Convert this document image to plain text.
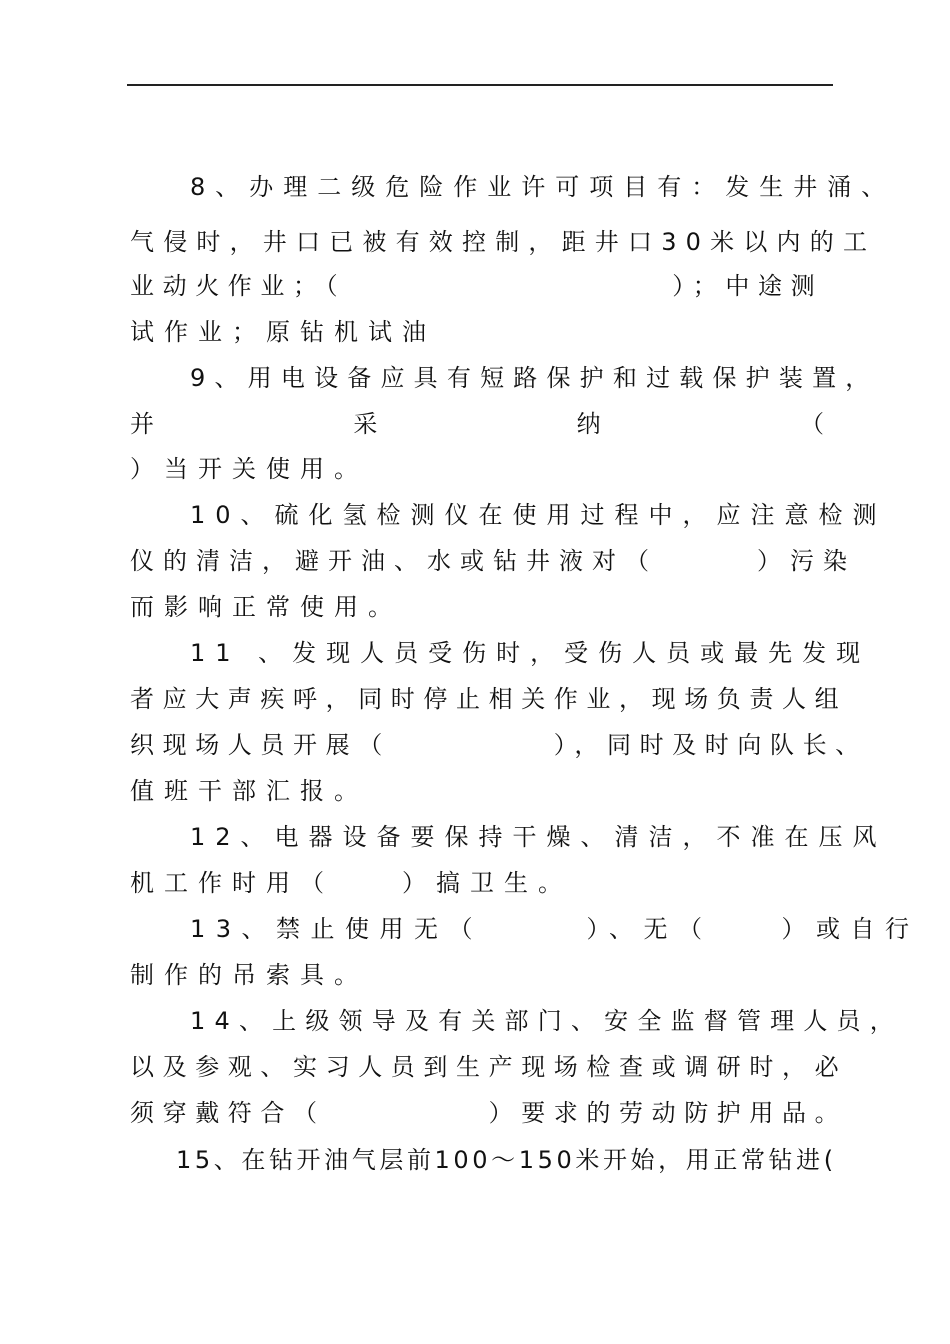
8、办理二级危险作业许可项目有：发生井涌、

气侵时，井口已被有效控制，距井口30米以内的工

业动火作业；（　　　　　　　　　　）；中途测

试作业；原钻机试油

9、用电设备应具有短路保护和过载保护装置，

并	采	纳	（

）当开关使用。

10、硫化氢检测仪在使用过程中，应注意检测

仪的清洁，避开油、水或钻井液对（　　　）污染

而影响正常使用。

11 、发现人员受伤时，受伤人员或最先发现

者应大声疾呼，同时停止相关作业，现场负责人组

织现场人员开展（　　　　　），同时及时向队长、

值班干部汇报。

12、电器设备要保持干燥、清洁，不准在压风

机工作时用（　　）搞卫生。

13、禁止使用无（　　　）、无（　　）或自行

制作的吊索具。

14、上级领导及有关部门、安全监督管理人员，

以及参观、实习人员到生产现场检查或调研时，必

须穿戴符合（　　　　　）要求的劳动防护用品。

15、在钻开油气层前100～150米开始，用正常钻进(
